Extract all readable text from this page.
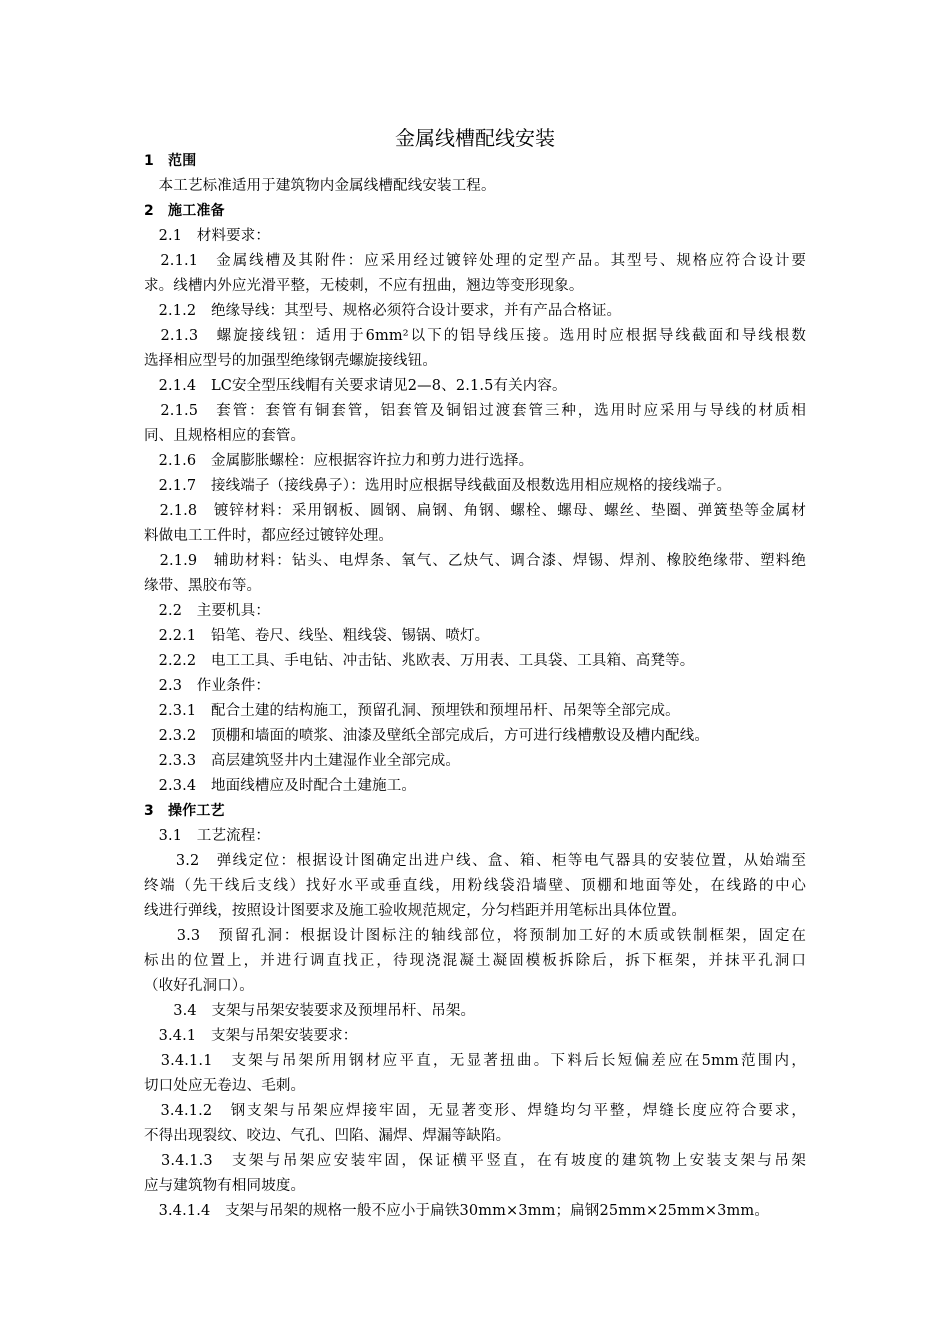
金属线槽配线安装
1　范围
　本工艺标准适用于建筑物内金属线槽配线安装工程。
2　施工准备
　2.1　材料要求：
　2.1.1　金属线槽及其附件：应采用经过镀锌处理的定型产品。其型号、规格应符合设计要
求。线槽内外应光滑平整，无棱刺，不应有扭曲，翘边等变形现象。
　2.1.2　绝缘导线：其型号、规格必须符合设计要求，并有产品合格证。
　2.1.3　螺旋接线钮：适用于6mm²以下的铝导线压接。选用时应根据导线截面和导线根数
选择相应型号的加强型绝缘钢壳螺旋接线钮。
　2.1.4　LC安全型压线帽有关要求请见2—8、2.1.5有关内容。
　2.1.5　套管：套管有铜套管，铝套管及铜铝过渡套管三种，选用时应采用与导线的材质相
同、且规格相应的套管。
　2.1.6　金属膨胀螺栓：应根据容许拉力和剪力进行选择。
　2.1.7　接线端子（接线鼻子）：选用时应根据导线截面及根数选用相应规格的接线端子。
　2.1.8　镀锌材料：采用钢板、圆钢、扁钢、角钢、螺栓、螺母、螺丝、垫圈、弹簧垫等金属材
料做电工工件时，都应经过镀锌处理。
　2.1.9　辅助材料：钻头、电焊条、氧气、乙炔气、调合漆、焊锡、焊剂、橡胶绝缘带、塑料绝
缘带、黑胶布等。
　2.2　主要机具：
　2.2.1　铅笔、卷尺、线坠、粗线袋、锡锅、喷灯。
　2.2.2　电工工具、手电钻、冲击钻、兆欧表、万用表、工具袋、工具箱、高凳等。
　2.3　作业条件：
　2.3.1　配合土建的结构施工，预留孔洞、预埋铁和预埋吊杆、吊架等全部完成。
　2.3.2　顶棚和墙面的喷浆、油漆及壁纸全部完成后，方可进行线槽敷设及槽内配线。
　2.3.3　高层建筑竖井内土建湿作业全部完成。
　2.3.4　地面线槽应及时配合土建施工。
3　操作工艺
　3.1　工艺流程：
　　3.2　弹线定位：根据设计图确定出进户线、盒、箱、柜等电气器具的安装位置，从始端至
终端（先干线后支线）找好水平或垂直线，用粉线袋沿墙壁、顶棚和地面等处，在线路的中心
线进行弹线，按照设计图要求及施工验收规范规定，分匀档距并用笔标出具体位置。
　　3.3　预留孔洞：根据设计图标注的轴线部位，将预制加工好的木质或铁制框架，固定在
标出的位置上，并进行调直找正，待现浇混凝土凝固模板拆除后，拆下框架，并抹平孔洞口
（收好孔洞口）。
　　3.4　支架与吊架安装要求及预埋吊杆、吊架。
　3.4.1　支架与吊架安装要求：
　3.4.1.1　支架与吊架所用钢材应平直，无显著扭曲。下料后长短偏差应在5mm范围内，
切口处应无卷边、毛刺。
　3.4.1.2　钢支架与吊架应焊接牢固，无显著变形、焊缝均匀平整，焊缝长度应符合要求，
不得出现裂纹、咬边、气孔、凹陷、漏焊、焊漏等缺陷。
　3.4.1.3　支架与吊架应安装牢固，保证横平竖直，在有坡度的建筑物上安装支架与吊架
应与建筑物有相同坡度。
　3.4.1.4　支架与吊架的规格一般不应小于扁铁30mm×3mm；扁钢25mm×25mm×3mm。
